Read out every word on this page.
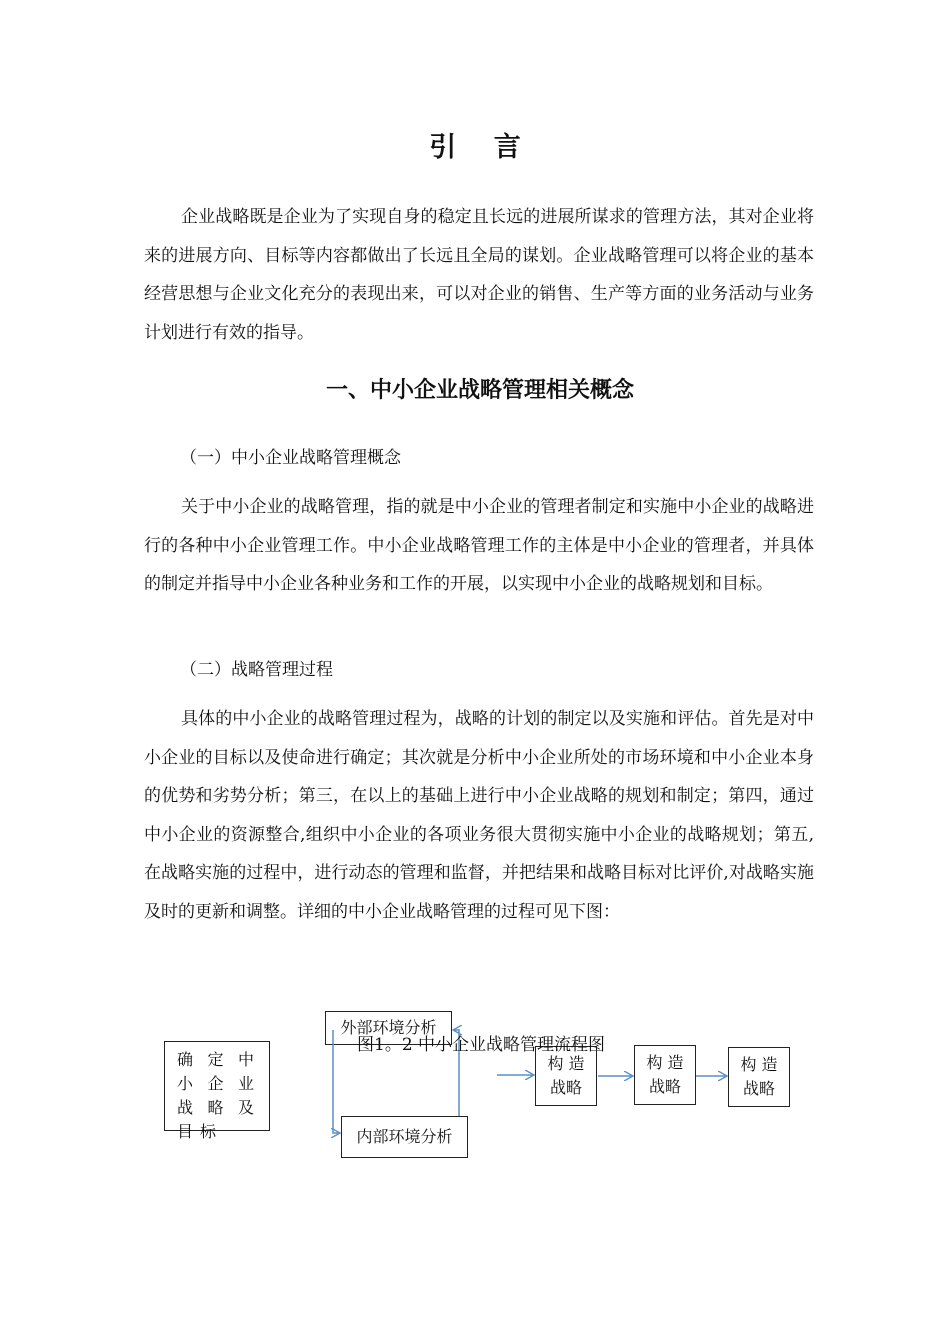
引 言

企业战略既是企业为了实现自身的稳定且长远的进展所谋求的管理方法，其对企业将来的进展方向、目标等内容都做出了长远且全局的谋划。企业战略管理可以将企业的基本经营思想与企业文化充分的表现出来，可以对企业的销售、生产等方面的业务活动与业务计划进行有效的指导。

一、中小企业战略管理相关概念

（一）中小企业战略管理概念

关于中小企业的战略管理，指的就是中小企业的管理者制定和实施中小企业的战略进行的各种中小企业管理工作。中小企业战略管理工作的主体是中小企业的管理者，并具体的制定并指导中小企业各种业务和工作的开展，以实现中小企业的战略规划和目标。

（二）战略管理过程

具体的中小企业的战略管理过程为，战略的计划的制定以及实施和评估。首先是对中小企业的目标以及使命进行确定；其次就是分析中小企业所处的市场环境和中小企业本身的优势和劣势分析；第三，在以上的基础上进行中小企业战略的规划和制定；第四，通过中小企业的资源整合,组织中小企业的各项业务很大贯彻实施中小企业的战略规划；第五,在战略实施的过程中，进行动态的管理和监督，并把结果和战略目标对比评价,对战略实施及时的更新和调整。详细的中小企业战略管理的过程可见下图：

确定中小企业战略及目标
外部环境分析
内部环境分析
构造
战略
构造
战略
构造
战略

图1。2 中小企业战略管理流程图
